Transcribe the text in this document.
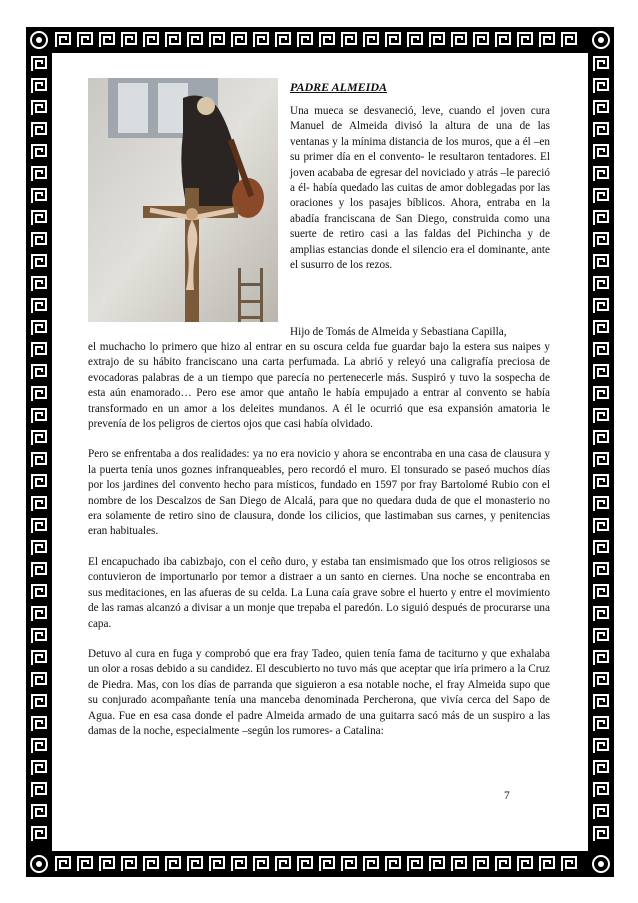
PADRE ALMEIDA
Una mueca se desvaneció, leve, cuando el joven cura Manuel de Almeida divisó la altura de una de las ventanas y la mínima distancia de los muros, que a él –en su primer día en el convento- le resultaron tentadores. El joven acababa de egresar del noviciado y atrás –le pareció a él- había quedado las cuitas de amor doblegadas por las oraciones y los pasajes bíblicos. Ahora, entraba en la abadía franciscana de San Diego, construida como una suerte de retiro casi a las faldas del Pichincha y de amplias estancias donde el silencio era el dominante, ante el susurro de los rezos.
Hijo de Tomás de Almeida y Sebastiana Capilla,

el muchacho lo primero que hizo al entrar en su oscura celda fue guardar bajo la estera sus naipes y extrajo de su hábito franciscano una carta perfumada. La abrió y releyó una caligrafía preciosa de evocadoras palabras de a un tiempo que parecía no pertenecerle más. Suspiró y tuvo la sospecha de esta aún enamorado… Pero ese amor que antaño le había empujado a entrar al convento se había transformado en un amor a los deleites mundanos. A él le ocurrió que esa expansión amatoria le prevenía de los peligros de ciertos ojos que casi había olvidado.

Pero se enfrentaba a dos realidades: ya no era novicio y ahora se encontraba en una casa de clausura y la puerta tenía unos goznes infranqueables, pero recordó el muro. El tonsurado se paseó muchos días por los jardines del convento hecho para místicos, fundado en 1597 por fray Bartolomé Rubio con el nombre de los Descalzos de San Diego de Alcalá, para que no quedara duda de que el monasterio no era solamente de retiro sino de clausura, donde los cilicios, que lastimaban sus carnes, y penitencias eran habituales.

El encapuchado iba cabizbajo, con el ceño duro, y estaba tan ensimismado que los otros religiosos se contuvieron de importunarlo por temor a distraer a un santo en ciernes. Una noche se encontraba en sus meditaciones, en las afueras de su celda. La Luna caía grave sobre el huerto y entre el movimiento de las ramas alcanzó a divisar a un monje que trepaba el paredón. Lo siguió después de procurarse una capa.

Detuvo al cura en fuga y comprobó que era fray Tadeo, quien tenía fama de taciturno y que exhalaba un olor a rosas debido a su candidez. El descubierto no tuvo más que aceptar que iría primero a la Cruz de Piedra. Mas, con los días de parranda que siguieron a esa notable noche, el fray Almeida supo que su conjurado acompañante tenía una manceba denominada Percherona, que vivía cerca del Sapo de Agua. Fue en esa casa donde el padre Almeida armado de una guitarra sacó más de un suspiro a las damas de la noche, especialmente –según los rumores- a Catalina:

7
